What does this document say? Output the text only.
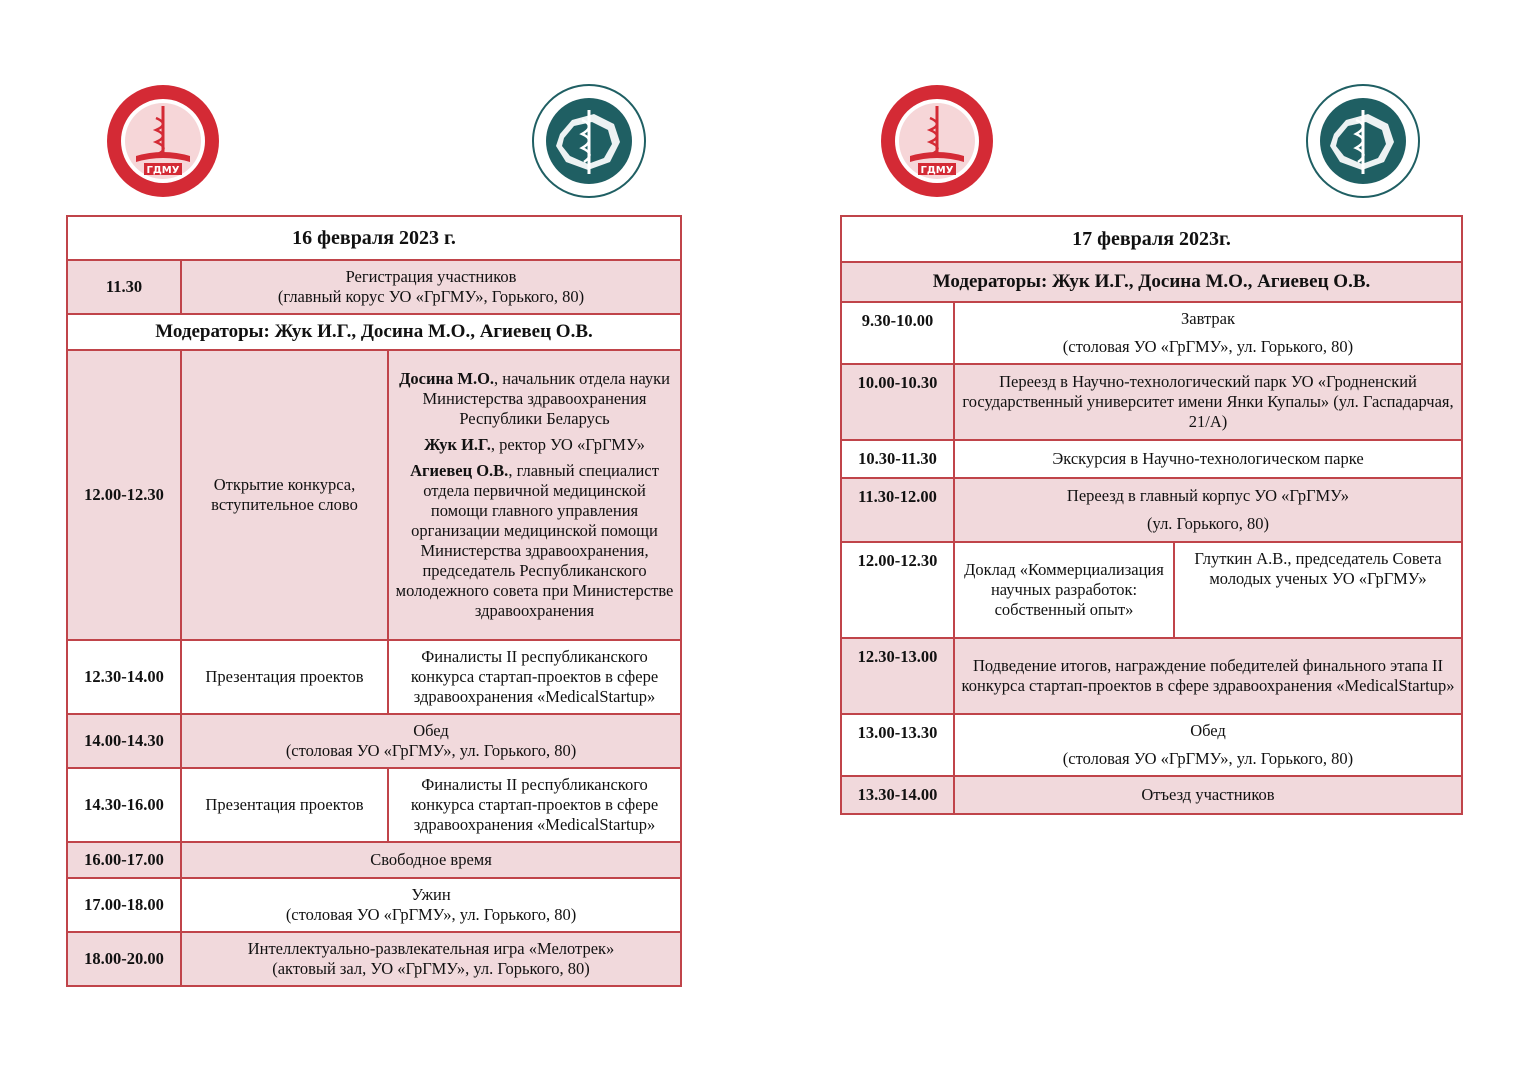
ГДМУ
16 февраля 2023 г.		
11.30	Регистрация участников
(главный корус УО «ГрГМУ», Горького, 80)	

Модераторы: Жук И.Г., Досина М.О., Агиевец О.В.		
12.00-12.30	Открытие конкурса, вступительное слово	Досина М.О., начальник отдела науки Министерства здравоохранения Республики Беларусь
Жук И.Г., ректор УО «ГрГМУ»
Агиевец О.В., главный специалист отдела первичной медицинской помощи главного управления организации медицинской помощи Министерства здравоохранения, председатель Республиканского молодежного совета при Министерстве здравоохранения

12.30-14.00	Презентация проектов	Финалисты II республиканского конкурса стартап-проектов в сфере здравоохранения «MedicalStartup»
14.00-14.30	Обед
(столовая УО «ГрГМУ», ул. Горького, 80)	

14.30-16.00	Презентация проектов	Финалисты II республиканского конкурса стартап-проектов в сфере здравоохранения «MedicalStartup»
16.00-17.00	Свободное время	
17.00-18.00	Ужин
(столовая УО «ГрГМУ», ул. Горького, 80)	

18.00-20.00	Интеллектуально-развлекательная игра «Мелотрек»
(актовый зал, УО «ГрГМУ», ул. Горького, 80)	
ГДМУ
17 февраля 2023г.		
Модераторы: Жук И.Г., Досина М.О., Агиевец О.В.		
9.30-10.00	Завтрак
(столовая УО «ГрГМУ», ул. Горького, 80)	

10.00-10.30	Переезд в Научно-технологический парк УО «Гродненский государственный университет имени Янки Купалы» (ул. Гаспадарчая, 21/А)	
10.30-11.30	Экскурсия в Научно-технологическом парке	
11.30-12.00	Переезд в главный корпус УО «ГрГМУ»
(ул. Горького, 80)	

12.00-12.30	Доклад «Коммерциализация научных разработок: собственный опыт»	Глуткин А.В., председатель Совета молодых ученых УО «ГрГМУ»
12.30-13.00	Подведение итогов, награждение победителей финального этапа II конкурса стартап-проектов в сфере здравоохранения «MedicalStartup»	
13.00-13.30	Обед
(столовая УО «ГрГМУ», ул. Горького, 80)	

13.30-14.00	Отъезд участников	
